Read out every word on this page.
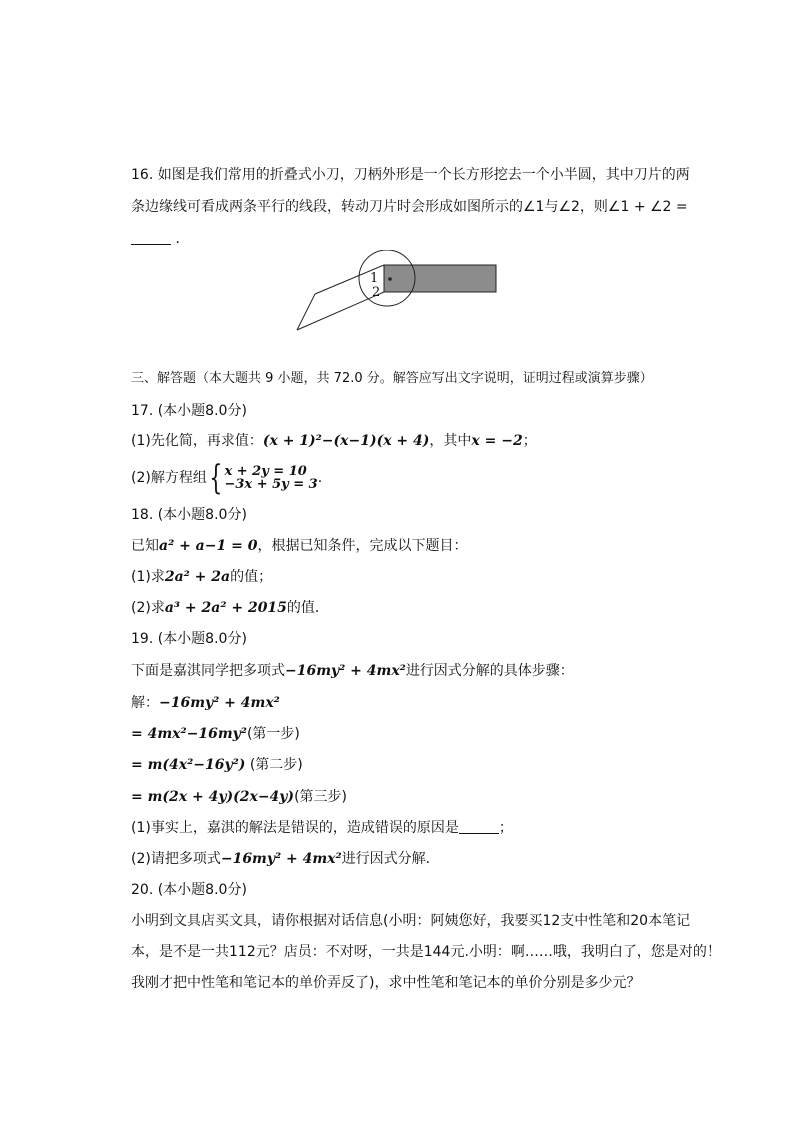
16. 如图是我们常用的折叠式小刀，刀柄外形是一个长方形挖去一个小半圆，其中刀片的两
条边缘线可看成两条平行的线段，转动刀片时会形成如图所示的∠1与∠2，则∠1 + ∠2 =
．
1
2
三、解答题（本大题共 9 小题，共 72.0 分。解答应写出文字说明，证明过程或演算步骤）
17. (本小题8.0分)
(1)先化简，再求值：(x + 1)²−(x−1)(x + 4)，其中x = −2；
(2)解方程组{ x + 2y = 10
−3x + 5y = 3 .
18. (本小题8.0分)
已知a² + a−1 = 0，根据已知条件，完成以下题目：
(1)求2a² + 2a的值；
(2)求a³ + 2a² + 2015的值．
19. (本小题8.0分)
下面是嘉淇同学把多项式−16my² + 4mx²进行因式分解的具体步骤：
解：−16my² + 4mx²
= 4mx²−16my²(第一步)
= m(4x²−16y²) (第二步)
= m(2x + 4y)(2x−4y)(第三步)
(1)事实上，嘉淇的解法是错误的，造成错误的原因是	；
(2)请把多项式−16my² + 4mx²进行因式分解．
20. (本小题8.0分)
小明到文具店买文具，请你根据对话信息(小明：阿姨您好，我要买12支中性笔和20本笔记
本，是不是一共112元？店员：不对呀，一共是144元.小明：啊……哦，我明白了，您是对的！
我刚才把中性笔和笔记本的单价弄反了)，求中性笔和笔记本的单价分别是多少元？
